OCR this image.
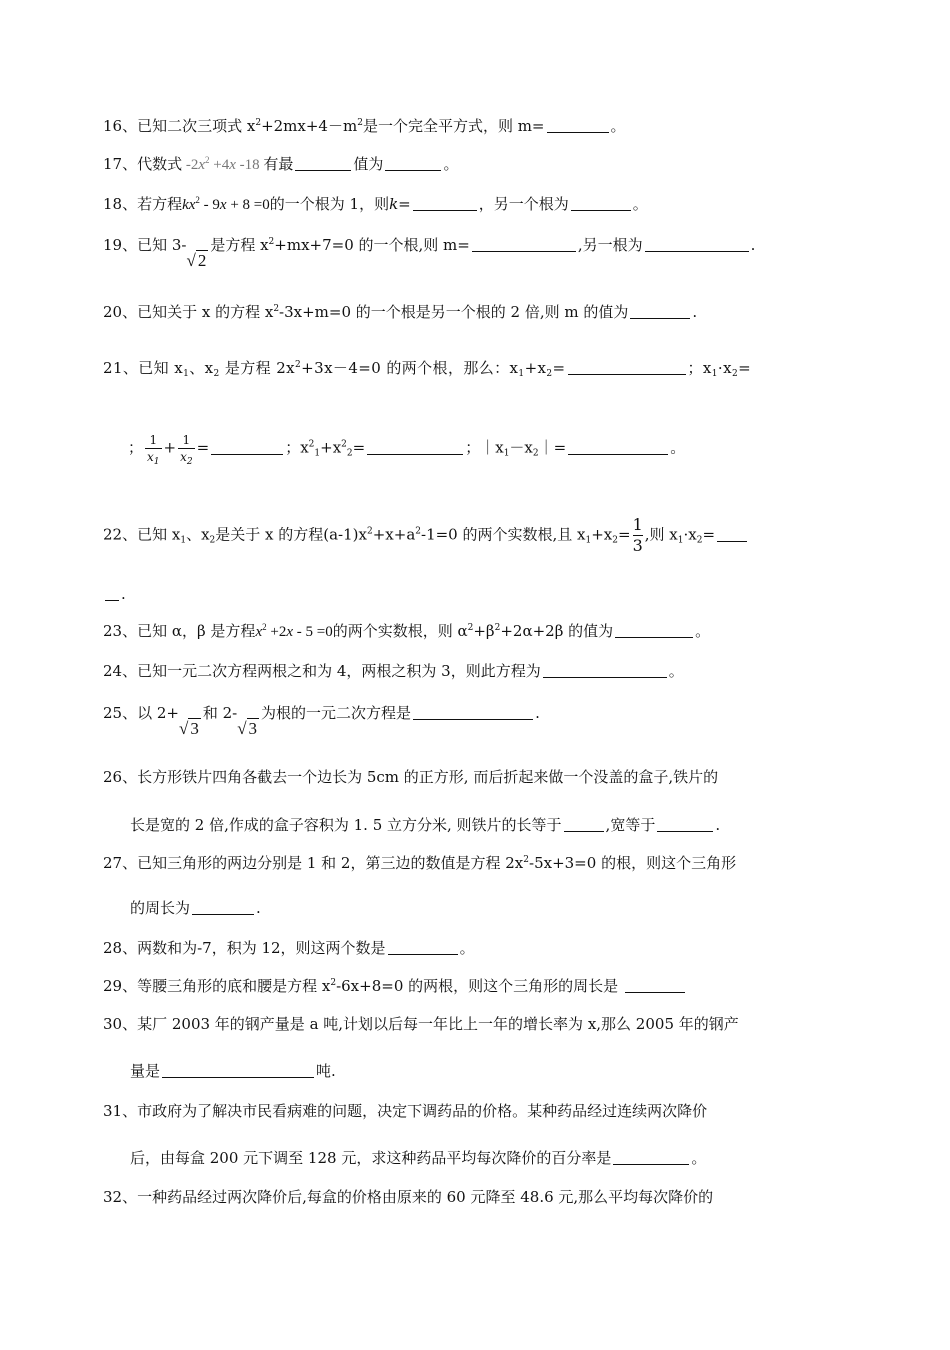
16、已知二次三项式 $x^2+2mx+4-m^2$是一个完全平方式，则 m=	。
17、代数式 $-2x^2 +4x$ -18 有最	值为	。
18、若方程$kx^2 - 9x + 8 =0$的一个根为 1，则k=	，另一个根为	。
19、已知 3-√ 2是方程 $x^2+mx+7=0$ 的一个根,则 m=	,另一根为	.
20、已知关于 x 的方程 $x^2-3x+m=0$ 的一个根是另一个根的 2 倍,则 m 的值为	.
21、已知 $x_1$、$x_2$ 是方程 $2x^2+3x-4=0$ 的两个根，那么：$x_1+x_2=$	；$x_1\cdot x_2=$
； $\frac{1}{x_1} + \frac{1}{x_2}$ =	；$x^2_1+x^2_2=$	；$|x_1-x_2|=$	。
22、已知 $x_1$、$x_2$是关于 x 的方程$(a-1)x^2+x+a^2-1=0$ 的两个实数根,且 $x_1+x_2= \frac{1}{3}$ ,则 $x_1\cdot x_2=$
.
23、已知 α，β 是方程$x^2 +2x - 5 =0$的两个实数根，则 $\alpha^2+\beta^2+2\alpha+2\beta$ 的值为	。
24、已知一元二次方程两根之和为 4，两根之积为 3，则此方程为	。
25、以 2+√ 3和 2-√ 3为根的一元二次方程是	.
26、长方形铁片四角各截去一个边长为 5cm 的正方形, 而后折起来做一个没盖的盒子,铁片的
长是宽的 2 倍,作成的盒子容积为 1. 5 立方分米, 则铁片的长等于	,宽等于	.
27、已知三角形的两边分别是 1 和 2，第三边的数值是方程 $2x^2-5x+3=0$ 的根，则这个三角形
的周长为	.
28、两数和为-7，积为 12，则这两个数是	。
29、等腰三角形的底和腰是方程 $x^2-6x+8=0$ 的两根，则这个三角形的周长是
30、某厂 2003 年的钢产量是 a 吨,计划以后每一年比上一年的增长率为 x,那么 2005 年的钢产
量是	吨.
31、市政府为了解决市民看病难的问题，决定下调药品的价格。某种药品经过连续两次降价
后，由每盒 200 元下调至 128 元，求这种药品平均每次降价的百分率是	。
32、一种药品经过两次降价后,每盒的价格由原来的 60 元降至 48.6 元,那么平均每次降价的
